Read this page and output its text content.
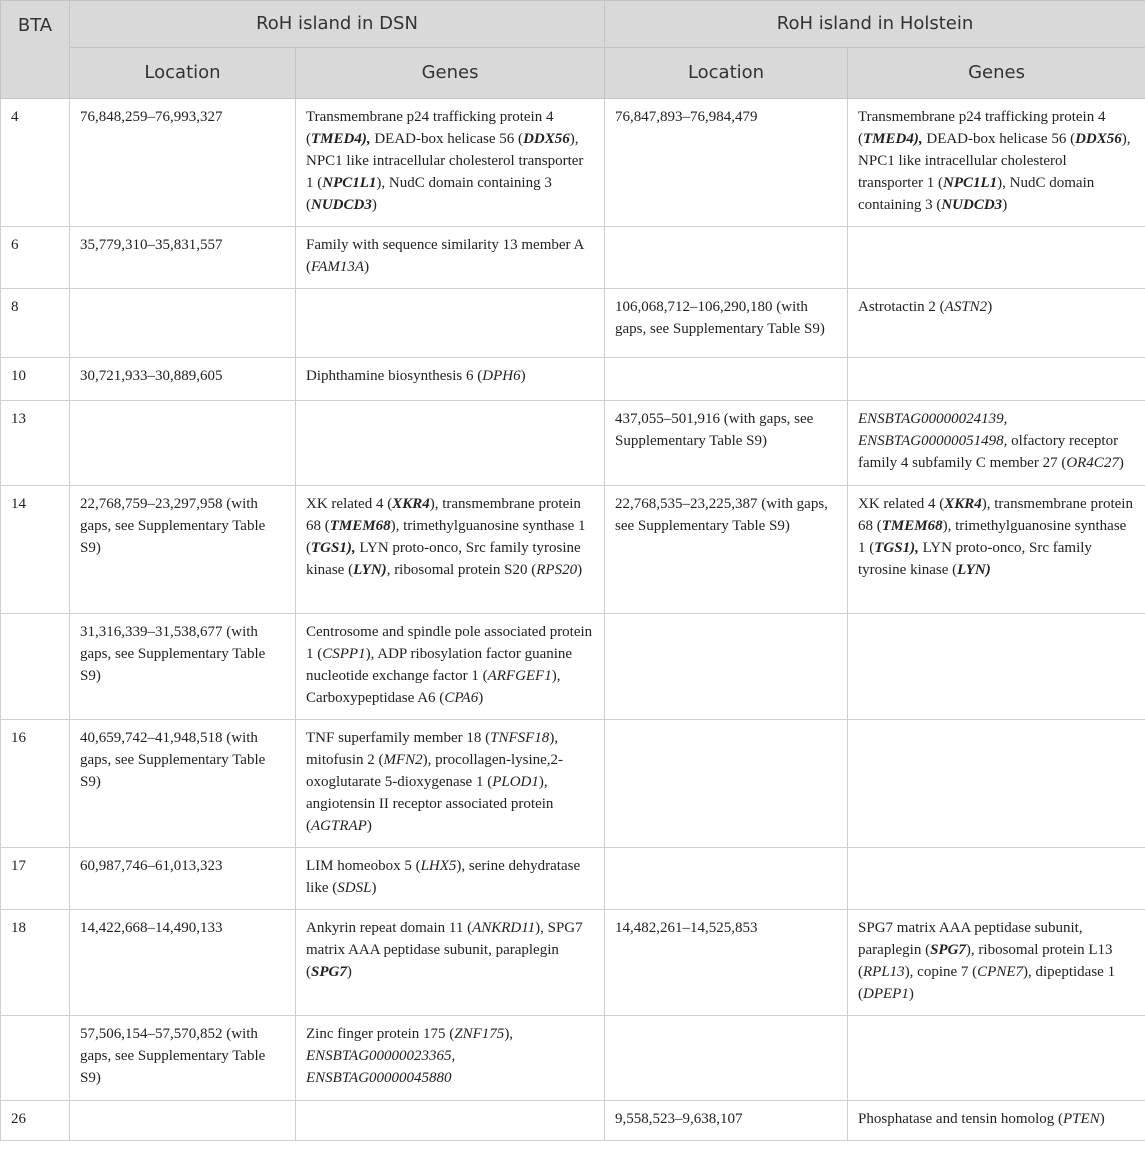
BTA	RoH island in DSN		RoH island in Holstein	
	Location	Genes	Location	Genes
4	76,848,259–76,993,327	Transmembrane p24 trafficking protein 4 (TMED4), DEAD-box helicase 56 (DDX56), NPC1 like intracellular cholesterol transporter 1 (NPC1L1), NudC domain containing 3 (NUDCD3)	76,847,893–76,984,479	Transmembrane p24 trafficking protein 4 (TMED4), DEAD-box helicase 56 (DDX56), NPC1 like intracellular cholesterol transporter 1 (NPC1L1), NudC domain containing 3 (NUDCD3)
6	35,779,310–35,831,557	Family with sequence similarity 13 member A (FAM13A)		
8			106,068,712–106,290,180 (with gaps, see Supplementary Table S9)	Astrotactin 2 (ASTN2)
10	30,721,933–30,889,605	Diphthamine biosynthesis 6 (DPH6)		
13			437,055–501,916 (with gaps, see Supplementary Table S9)	ENSBTAG00000024139, ENSBTAG00000051498, olfactory receptor family 4 subfamily C member 27 (OR4C27)
14	22,768,759–23,297,958 (with gaps, see Supplementary Table S9)	XK related 4 (XKR4), transmembrane protein 68 (TMEM68), trimethylguanosine synthase 1 (TGS1), LYN proto-onco, Src family tyrosine kinase (LYN), ribosomal protein S20 (RPS20)	22,768,535–23,225,387 (with gaps, see Supplementary Table S9)	XK related 4 (XKR4), transmembrane protein 68 (TMEM68), trimethylguanosine synthase 1 (TGS1), LYN proto-onco, Src family tyrosine kinase (LYN)
	31,316,339–31,538,677 (with gaps, see Supplementary Table S9)	Centrosome and spindle pole associated protein 1 (CSPP1), ADP ribosylation factor guanine nucleotide exchange factor 1 (ARFGEF1), Carboxypeptidase A6 (CPA6)		
16	40,659,742–41,948,518 (with gaps, see Supplementary Table S9)	TNF superfamily member 18 (TNFSF18), mitofusin 2 (MFN2), procollagen-lysine,2-oxoglutarate 5-dioxygenase 1 (PLOD1), angiotensin II receptor associated protein (AGTRAP)		
17	60,987,746–61,013,323	LIM homeobox 5 (LHX5), serine dehydratase like (SDSL)		
18	14,422,668–14,490,133	Ankyrin repeat domain 11 (ANKRD11), SPG7 matrix AAA peptidase subunit, paraplegin (SPG7)	14,482,261–14,525,853	SPG7 matrix AAA peptidase subunit, paraplegin (SPG7), ribosomal protein L13 (RPL13), copine 7 (CPNE7), dipeptidase 1 (DPEP1)
	57,506,154–57,570,852 (with gaps, see Supplementary Table S9)	Zinc finger protein 175 (ZNF175), ENSBTAG00000023365, ENSBTAG00000045880		
26			9,558,523–9,638,107	Phosphatase and tensin homolog (PTEN)
